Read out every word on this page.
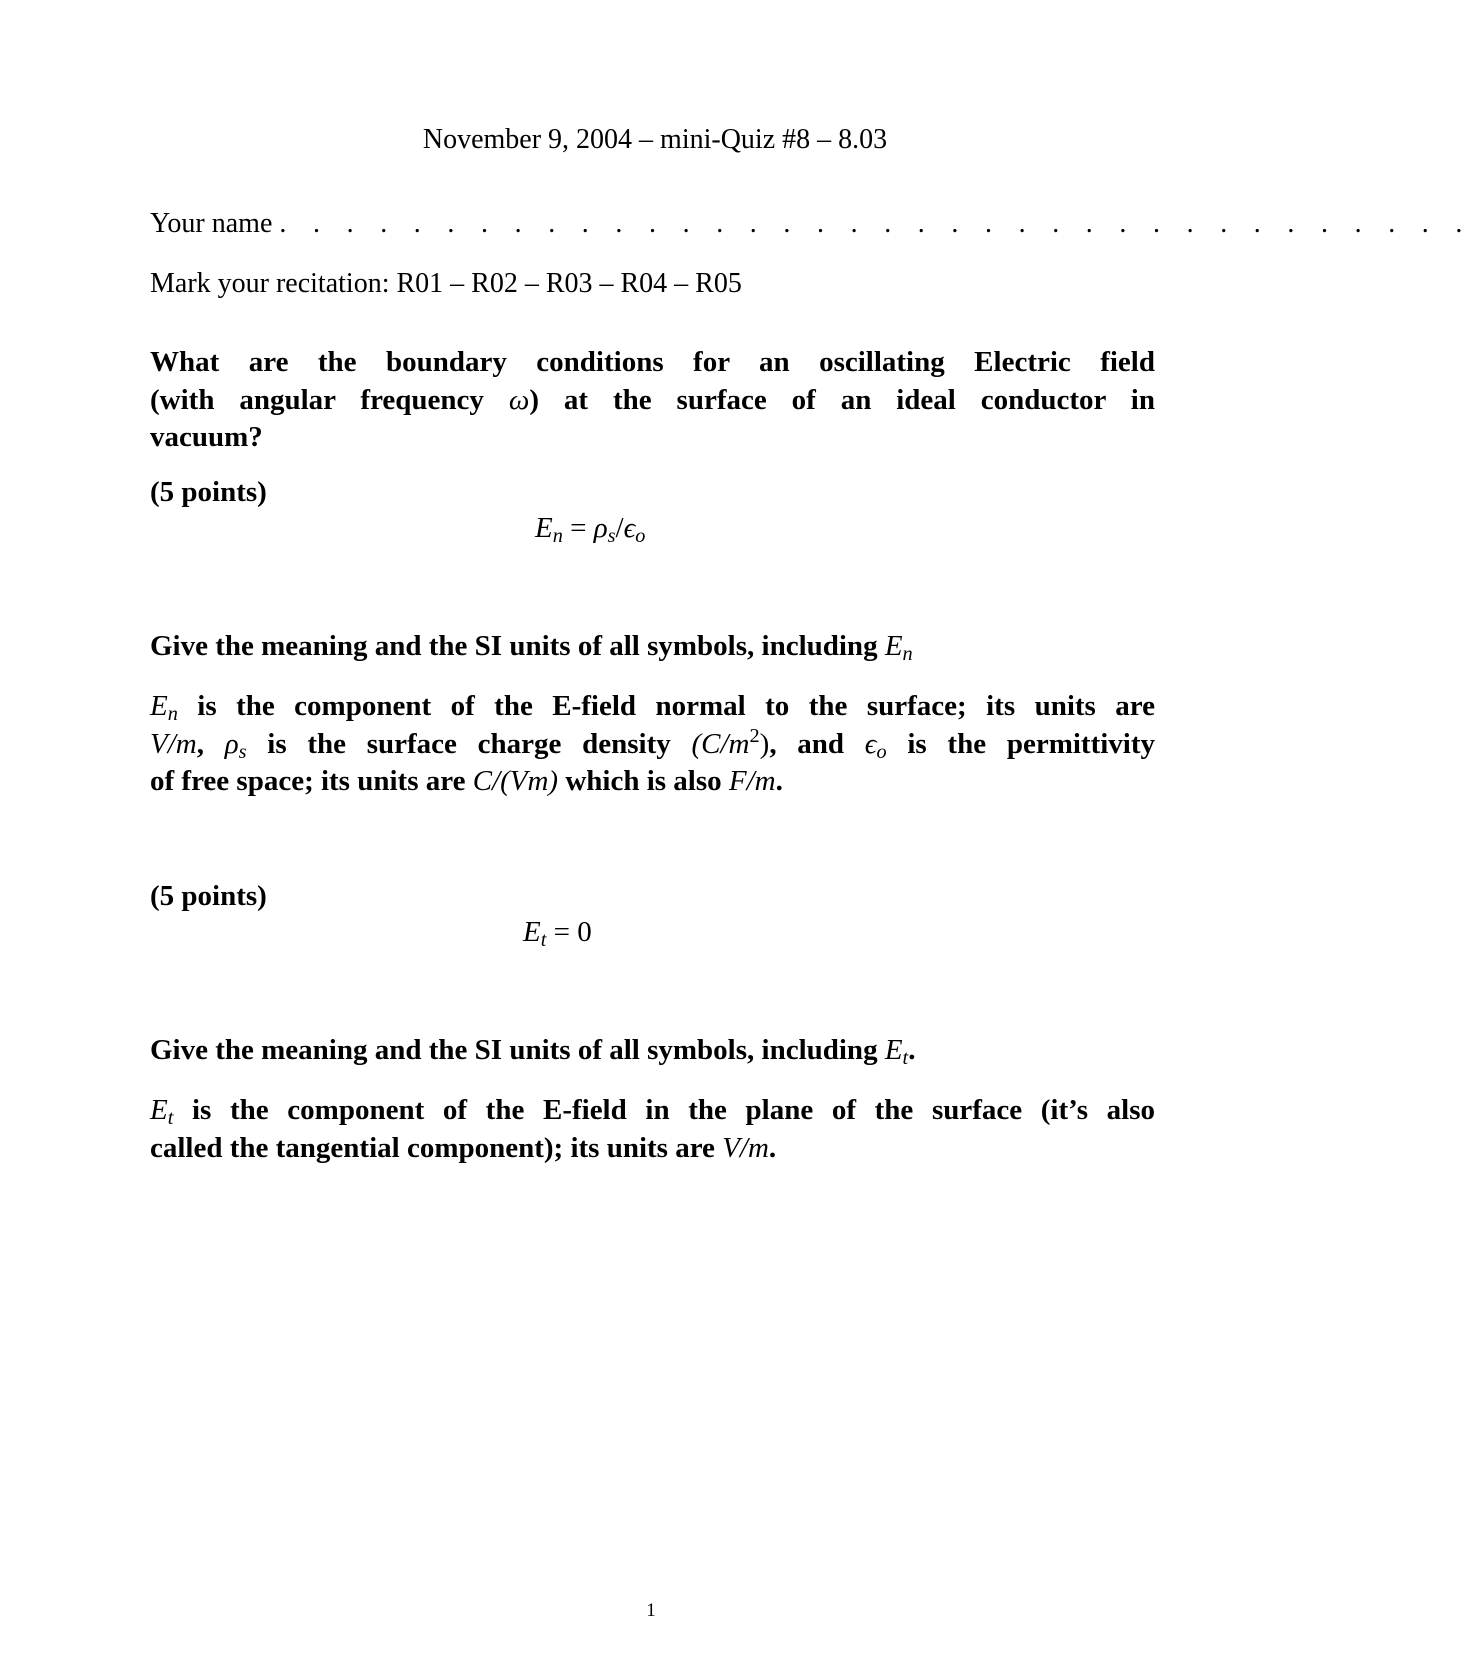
November 9, 2004 – mini-Quiz #8 – 8.03
Your name . . . . . . . . . . . . . . . . . . . . . . . . . . . . . . . . . . . .
Mark your recitation: R01 – R02 – R03 – R04 – R05
What are the boundary conditions for an oscillating Electric field
(with angular frequency ω) at the surface of an ideal conductor in
vacuum?
(5 points)
$E_n = \rho_s/\epsilon_o$
Give the meaning and the SI units of all symbols, including $E_n$
$E_n$ is the component of the E-field normal to the surface; its units are
V/m, $\rho_s$ is the surface charge density $(C/m^2)$, and $\epsilon_o$ is the permittivity
of free space; its units are C/(Vm) which is also F/m.
(5 points)
$E_t = 0$
Give the meaning and the SI units of all symbols, including $E_t$.
$E_t$ is the component of the E-field in the plane of the surface (it’s also
called the tangential component); its units are V/m.
1
